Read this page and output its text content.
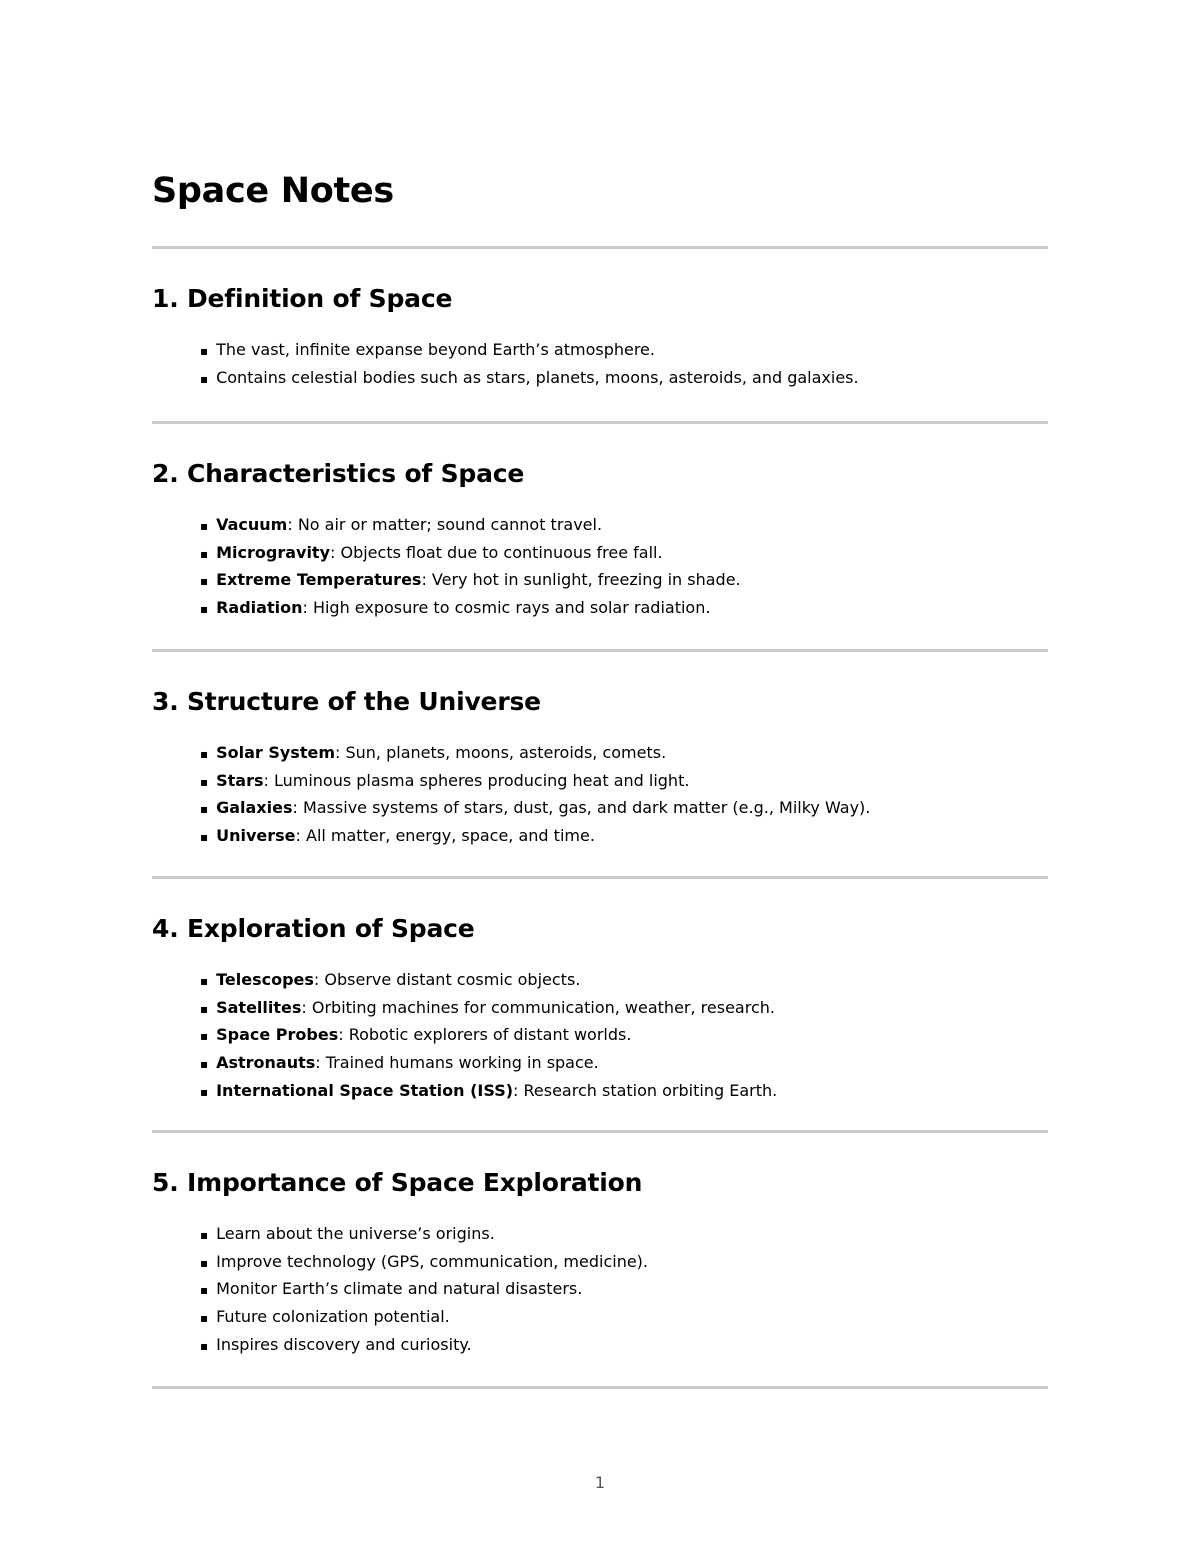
Space Notes
1. Definition of Space
▪ The vast, infinite expanse beyond Earth’s atmosphere.
▪ Contains celestial bodies such as stars, planets, moons, asteroids, and galaxies.
2. Characteristics of Space
▪ Vacuum: No air or matter; sound cannot travel.
▪ Microgravity: Objects float due to continuous free fall.
▪ Extreme Temperatures: Very hot in sunlight, freezing in shade.
▪ Radiation: High exposure to cosmic rays and solar radiation.
3. Structure of the Universe
▪ Solar System: Sun, planets, moons, asteroids, comets.
▪ Stars: Luminous plasma spheres producing heat and light.
▪ Galaxies: Massive systems of stars, dust, gas, and dark matter (e.g., Milky Way).
▪ Universe: All matter, energy, space, and time.
4. Exploration of Space
▪ Telescopes: Observe distant cosmic objects.
▪ Satellites: Orbiting machines for communication, weather, research.
▪ Space Probes: Robotic explorers of distant worlds.
▪ Astronauts: Trained humans working in space.
▪ International Space Station (ISS): Research station orbiting Earth.
5. Importance of Space Exploration
▪ Learn about the universe’s origins.
▪ Improve technology (GPS, communication, medicine).
▪ Monitor Earth’s climate and natural disasters.
▪ Future colonization potential.
▪ Inspires discovery and curiosity.
1
